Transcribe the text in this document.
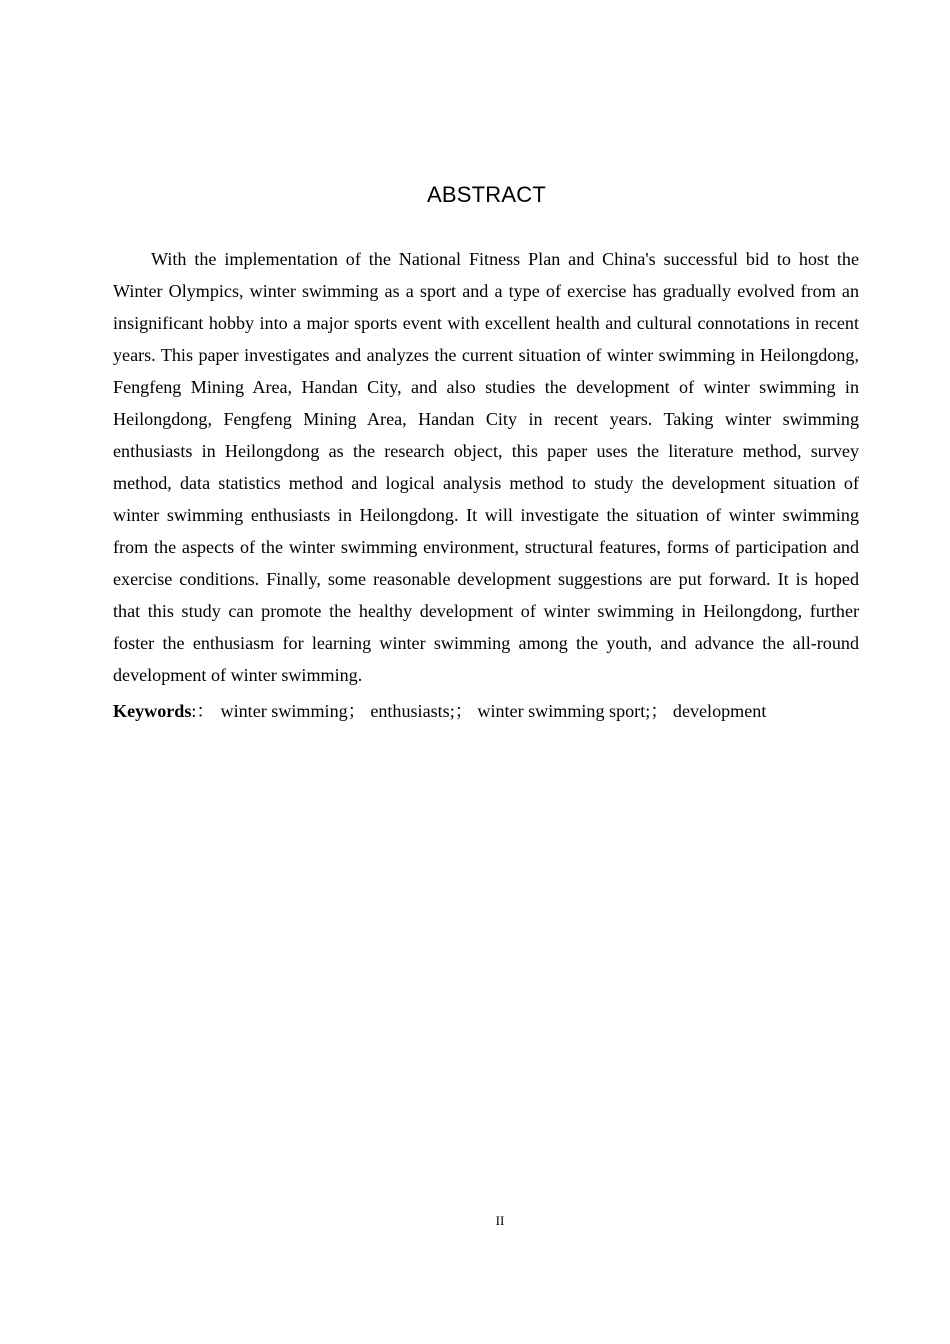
ABSTRACT

With the implementation of the National Fitness Plan and China's successful bid to host the Winter Olympics, winter swimming as a sport and a type of exercise has gradually evolved from an insignificant hobby into a major sports event with excellent health and cultural connotations in recent years. This paper investigates and analyzes the current situation of winter swimming in Heilongdong, Fengfeng Mining Area, Handan City, and also studies the development of winter swimming in Heilongdong, Fengfeng Mining Area, Handan City in recent years. Taking winter swimming enthusiasts in Heilongdong as the research object, this paper uses the literature method, survey method, data statistics method and logical analysis method to study the development situation of winter swimming enthusiasts in Heilongdong. It will investigate the situation of winter swimming from the aspects of the winter swimming environment, structural features, forms of participation and exercise conditions. Finally, some reasonable development suggestions are put forward. It is hoped that this study can promote the healthy development of winter swimming in Heilongdong, further foster the enthusiasm for learning winter swimming among the youth, and advance the all-round development of winter swimming.

Keywords:： winter swimming； enthusiasts;； winter swimming sport;； development

II
